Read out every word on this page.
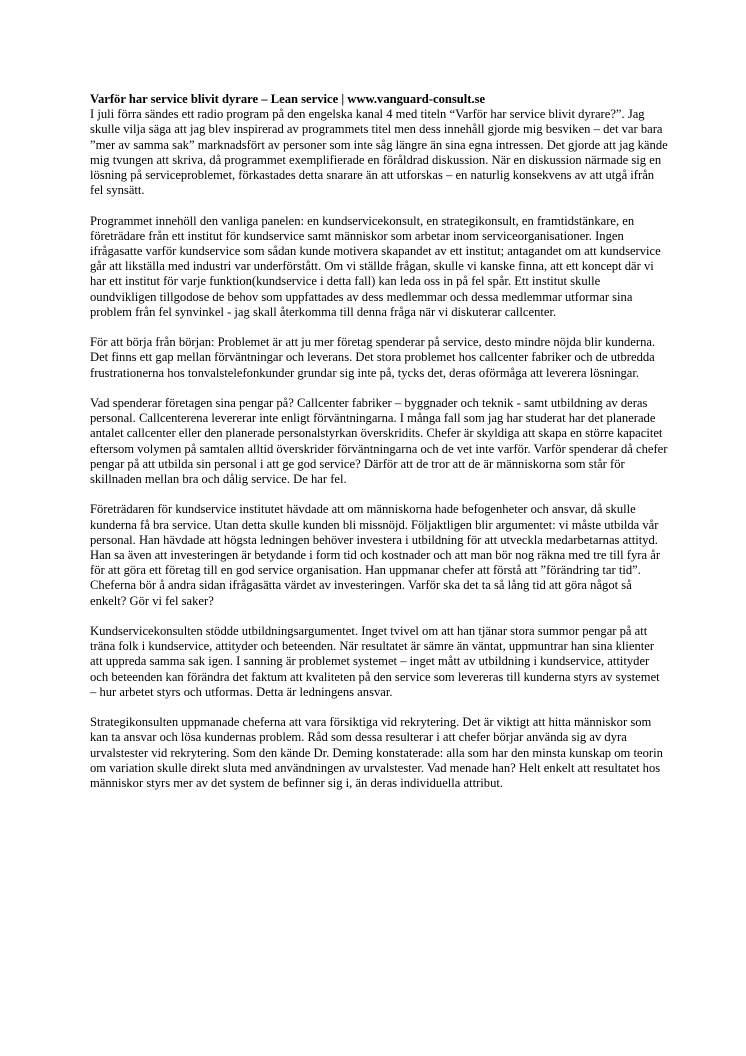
Varför har service blivit dyrare – Lean service | www.vanguard-consult.se

I juli förra sändes ett radio program på den engelska kanal 4 med titeln “Varför har service blivit dyrare?”. Jag skulle vilja säga att jag blev inspirerad av programmets titel men dess innehåll gjorde mig besviken – det var bara ”mer av samma sak” marknadsfört av personer som inte såg längre än sina egna intressen. Det gjorde att jag kände mig tvungen att skriva, då programmet exemplifierade en föråldrad diskussion. När en diskussion närmade sig en lösning på serviceproblemet, förkastades detta snarare än att utforskas – en naturlig konsekvens av att utgå ifrån fel synsätt.

Programmet innehöll den vanliga panelen: en kundservicekonsult, en strategikonsult, en framtidstänkare, en företrädare från ett institut för kundservice samt människor som arbetar inom serviceorganisationer. Ingen ifrågasatte varför kundservice som sådan kunde motivera skapandet av ett institut; antagandet om att kundservice går att likställa med industri var underförstått. Om vi ställde frågan, skulle vi kanske finna, att ett koncept där vi har ett institut för varje funktion(kundservice i detta fall) kan leda oss in på fel spår. Ett institut skulle oundvikligen tillgodose de behov som uppfattades av dess medlemmar och dessa medlemmar utformar sina problem från fel synvinkel - jag skall återkomma till denna fråga när vi diskuterar callcenter.

För att börja från början: Problemet är att ju mer företag spenderar på service, desto mindre nöjda blir kunderna. Det finns ett gap mellan förväntningar och leverans. Det stora problemet hos callcenter fabriker och de utbredda frustrationerna hos tonvalstelefonkunder grundar sig inte på, tycks det, deras oförmåga att leverera lösningar.

Vad spenderar företagen sina pengar på? Callcenter fabriker – byggnader och teknik - samt utbildning av deras personal. Callcenterena levererar inte enligt förväntningarna. I många fall som jag har studerat har det planerade antalet callcenter eller den planerade personalstyrkan överskridits. Chefer är skyldiga att skapa en större kapacitet eftersom volymen på samtalen alltid överskrider förväntningarna och de vet inte varför. Varför spenderar då chefer pengar på att utbilda sin personal i att ge god service? Därför att de tror att de är människorna som står för skillnaden mellan bra och dålig service. De har fel.

Företrädaren för kundservice institutet hävdade att om människorna hade befogenheter och ansvar, då skulle kunderna få bra service. Utan detta skulle kunden bli missnöjd. Följaktligen blir argumentet: vi måste utbilda vår personal. Han hävdade att högsta ledningen behöver investera i utbildning för att utveckla medarbetarnas attityd. Han sa även att investeringen är betydande i form tid och kostnader och att man bör nog räkna med tre till fyra år för att göra ett företag till en god service organisation. Han uppmanar chefer att förstå att ”förändring tar tid”. Cheferna bör å andra sidan ifrågasätta värdet av investeringen. Varför ska det ta så lång tid att göra något så enkelt? Gör vi fel saker?

Kundservicekonsulten stödde utbildningsargumentet. Inget tvivel om att han tjänar stora summor pengar på att träna folk i kundservice, attityder och beteenden. När resultatet är sämre än väntat, uppmuntrar han sina klienter att uppreda samma sak igen. I sanning är problemet systemet – inget mått av utbildning i kundservice, attityder och beteenden kan förändra det faktum att kvaliteten på den service som levereras till kunderna styrs av systemet – hur arbetet styrs och utformas. Detta är ledningens ansvar.

Strategikonsulten uppmanade cheferna att vara försiktiga vid rekrytering. Det är viktigt att hitta människor som kan ta ansvar och lösa kundernas problem. Råd som dessa resulterar i att chefer börjar använda sig av dyra urvalstester vid rekrytering. Som den kände Dr. Deming konstaterade: alla som har den minsta kunskap om teorin om variation skulle direkt sluta med användningen av urvalstester. Vad menade han? Helt enkelt att resultatet hos människor styrs mer av det system de befinner sig i, än deras individuella attribut.
